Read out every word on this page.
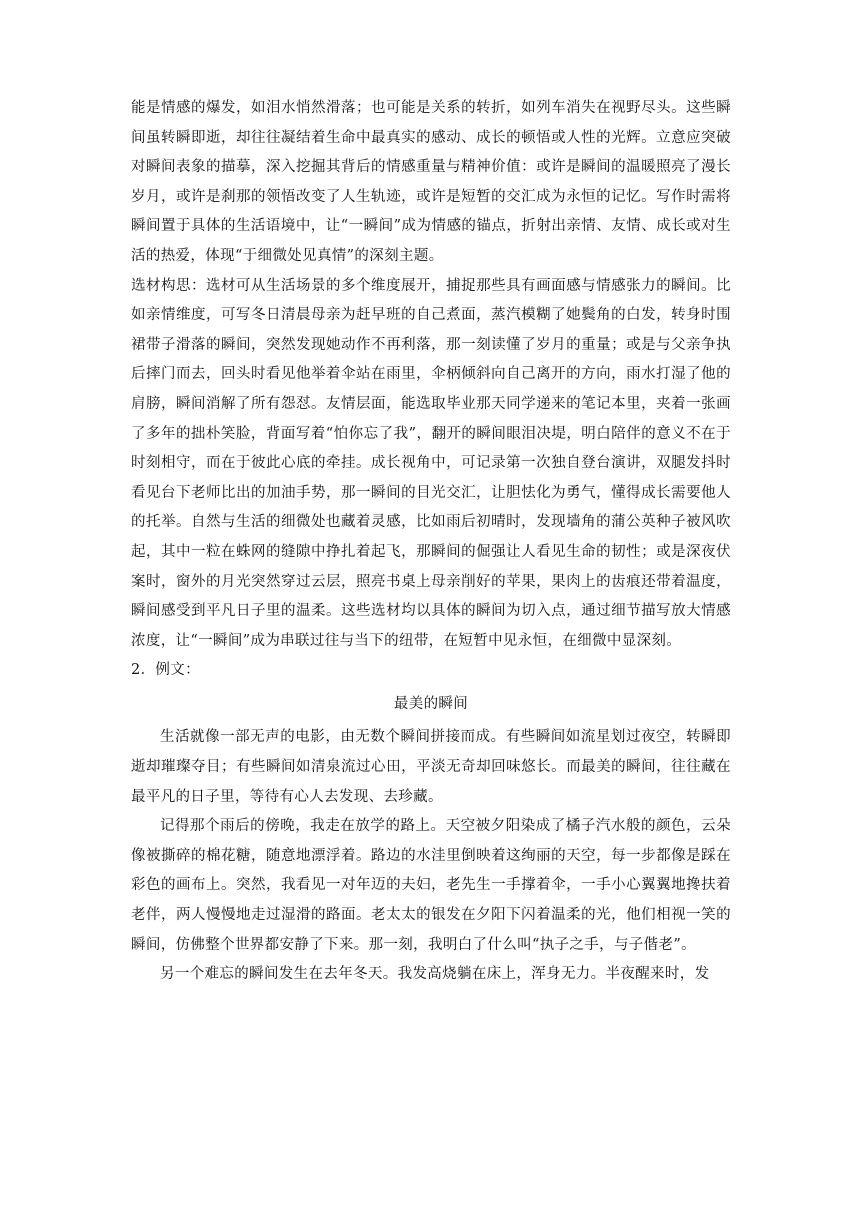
能是情感的爆发，如泪水悄然滑落；也可能是关系的转折，如列车消失在视野尽头。这些瞬间虽转瞬即逝，却往往凝结着生命中最真实的感动、成长的顿悟或人性的光辉。立意应突破对瞬间表象的描摹，深入挖掘其背后的情感重量与精神价值：或许是瞬间的温暖照亮了漫长岁月，或许是刹那的领悟改变了人生轨迹，或许是短暂的交汇成为永恒的记忆。写作时需将瞬间置于具体的生活语境中，让“一瞬间”成为情感的锚点，折射出亲情、友情、成长或对生活的热爱，体现“于细微处见真情”的深刻主题。

选材构思：选材可从生活场景的多个维度展开，捕捉那些具有画面感与情感张力的瞬间。比如亲情维度，可写冬日清晨母亲为赶早班的自己煮面，蒸汽模糊了她鬓角的白发，转身时围裙带子滑落的瞬间，突然发现她动作不再利落，那一刻读懂了岁月的重量；或是与父亲争执后摔门而去，回头时看见他举着伞站在雨里，伞柄倾斜向自己离开的方向，雨水打湿了他的肩膀，瞬间消解了所有怨怼。友情层面，能选取毕业那天同学递来的笔记本里，夹着一张画了多年的拙朴笑脸，背面写着“怕你忘了我”，翻开的瞬间眼泪决堤，明白陪伴的意义不在于时刻相守，而在于彼此心底的牵挂。成长视角中，可记录第一次独自登台演讲，双腿发抖时看见台下老师比出的加油手势，那一瞬间的目光交汇，让胆怯化为勇气，懂得成长需要他人的托举。自然与生活的细微处也藏着灵感，比如雨后初晴时，发现墙角的蒲公英种子被风吹起，其中一粒在蛛网的缝隙中挣扎着起飞，那瞬间的倔强让人看见生命的韧性；或是深夜伏案时，窗外的月光突然穿过云层，照亮书桌上母亲削好的苹果，果肉上的齿痕还带着温度，瞬间感受到平凡日子里的温柔。这些选材均以具体的瞬间为切入点，通过细节描写放大情感浓度，让“一瞬间”成为串联过往与当下的纽带，在短暂中见永恒，在细微中显深刻。

2．例文：

最美的瞬间

生活就像一部无声的电影，由无数个瞬间拼接而成。有些瞬间如流星划过夜空，转瞬即逝却璀璨夺目；有些瞬间如清泉流过心田，平淡无奇却回味悠长。而最美的瞬间，往往藏在最平凡的日子里，等待有心人去发现、去珍藏。

记得那个雨后的傍晚，我走在放学的路上。天空被夕阳染成了橘子汽水般的颜色，云朵像被撕碎的棉花糖，随意地漂浮着。路边的水洼里倒映着这绚丽的天空，每一步都像是踩在彩色的画布上。突然，我看见一对年迈的夫妇，老先生一手撑着伞，一手小心翼翼地搀扶着老伴，两人慢慢地走过湿滑的路面。老太太的银发在夕阳下闪着温柔的光，他们相视一笑的瞬间，仿佛整个世界都安静了下来。那一刻，我明白了什么叫“执子之手，与子偕老”。

另一个难忘的瞬间发生在去年冬天。我发高烧躺在床上，浑身无力。半夜醒来时，发
